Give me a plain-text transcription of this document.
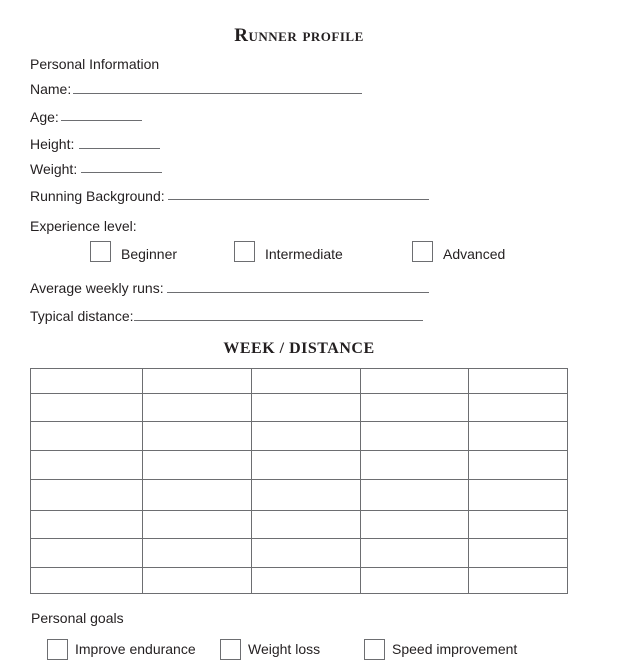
Runner profile
Personal Information
Name:
Age:
Height:
Weight:
Running Background:
Experience level:
Beginner	Intermediate	Advanced
Average weekly runs:
Typical distance:
WEEK / DISTANCE
Personal goals
Improve endurance	Weight loss	Speed improvement
